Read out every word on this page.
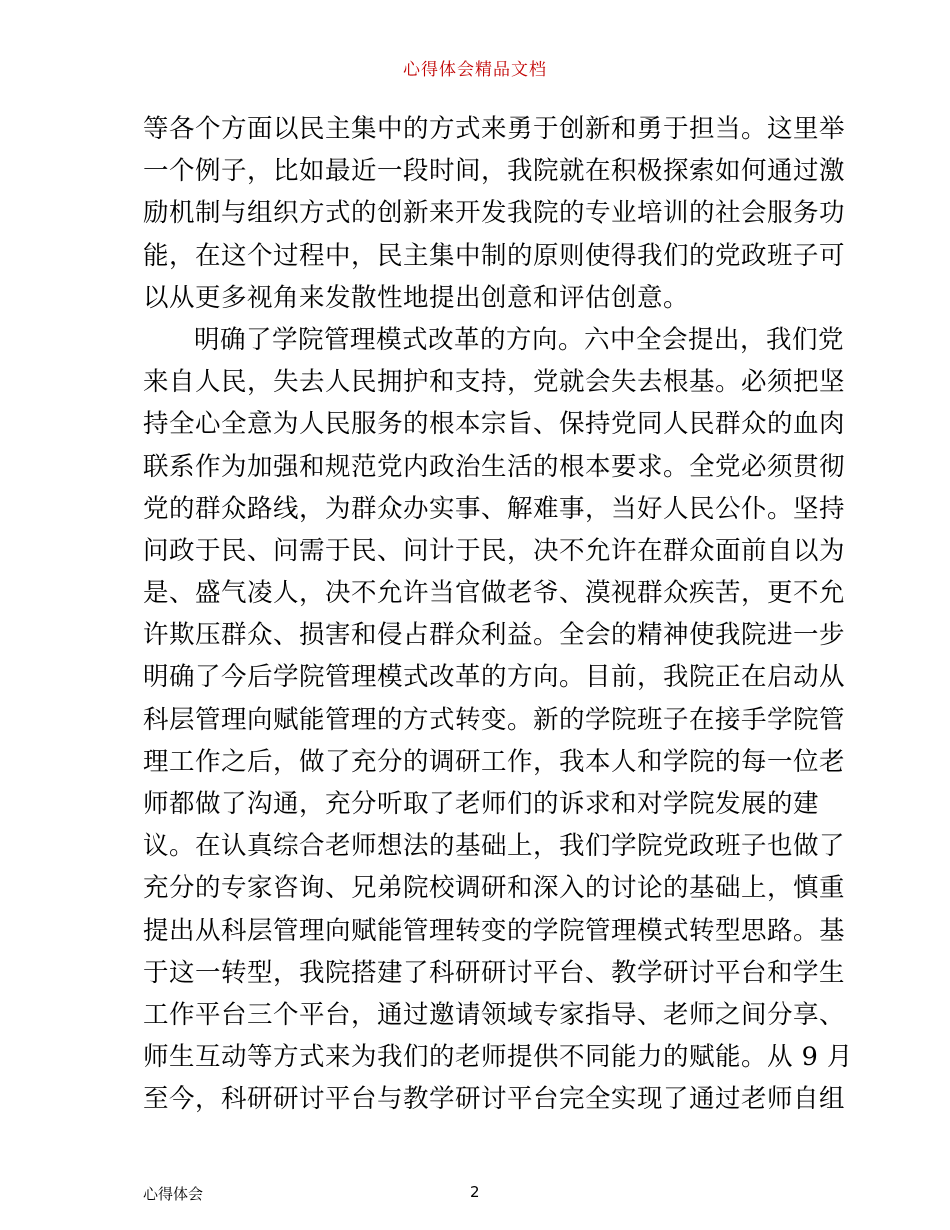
心得体会精品文档
等各个方面以民主集中的方式来勇于创新和勇于担当。这里举
一个例子，比如最近一段时间，我院就在积极探索如何通过激
励机制与组织方式的创新来开发我院的专业培训的社会服务功
能，在这个过程中，民主集中制的原则使得我们的党政班子可
以从更多视角来发散性地提出创意和评估创意。
明确了学院管理模式改革的方向。六中全会提出，我们党
来自人民，失去人民拥护和支持，党就会失去根基。必须把坚
持全心全意为人民服务的根本宗旨、保持党同人民群众的血肉
联系作为加强和规范党内政治生活的根本要求。全党必须贯彻
党的群众路线，为群众办实事、解难事，当好人民公仆。坚持
问政于民、问需于民、问计于民，决不允许在群众面前自以为
是、盛气凌人，决不允许当官做老爷、漠视群众疾苦，更不允
许欺压群众、损害和侵占群众利益。全会的精神使我院进一步
明确了今后学院管理模式改革的方向。目前，我院正在启动从
科层管理向赋能管理的方式转变。新的学院班子在接手学院管
理工作之后，做了充分的调研工作，我本人和学院的每一位老
师都做了沟通，充分听取了老师们的诉求和对学院发展的建
议。在认真综合老师想法的基础上，我们学院党政班子也做了
充分的专家咨询、兄弟院校调研和深入的讨论的基础上，慎重
提出从科层管理向赋能管理转变的学院管理模式转型思路。基
于这一转型，我院搭建了科研研讨平台、教学研讨平台和学生
工作平台三个平台，通过邀请领域专家指导、老师之间分享、
师生互动等方式来为我们的老师提供不同能力的赋能。从 9 月
至今，科研研讨平台与教学研讨平台完全实现了通过老师自组
心得体会	2
